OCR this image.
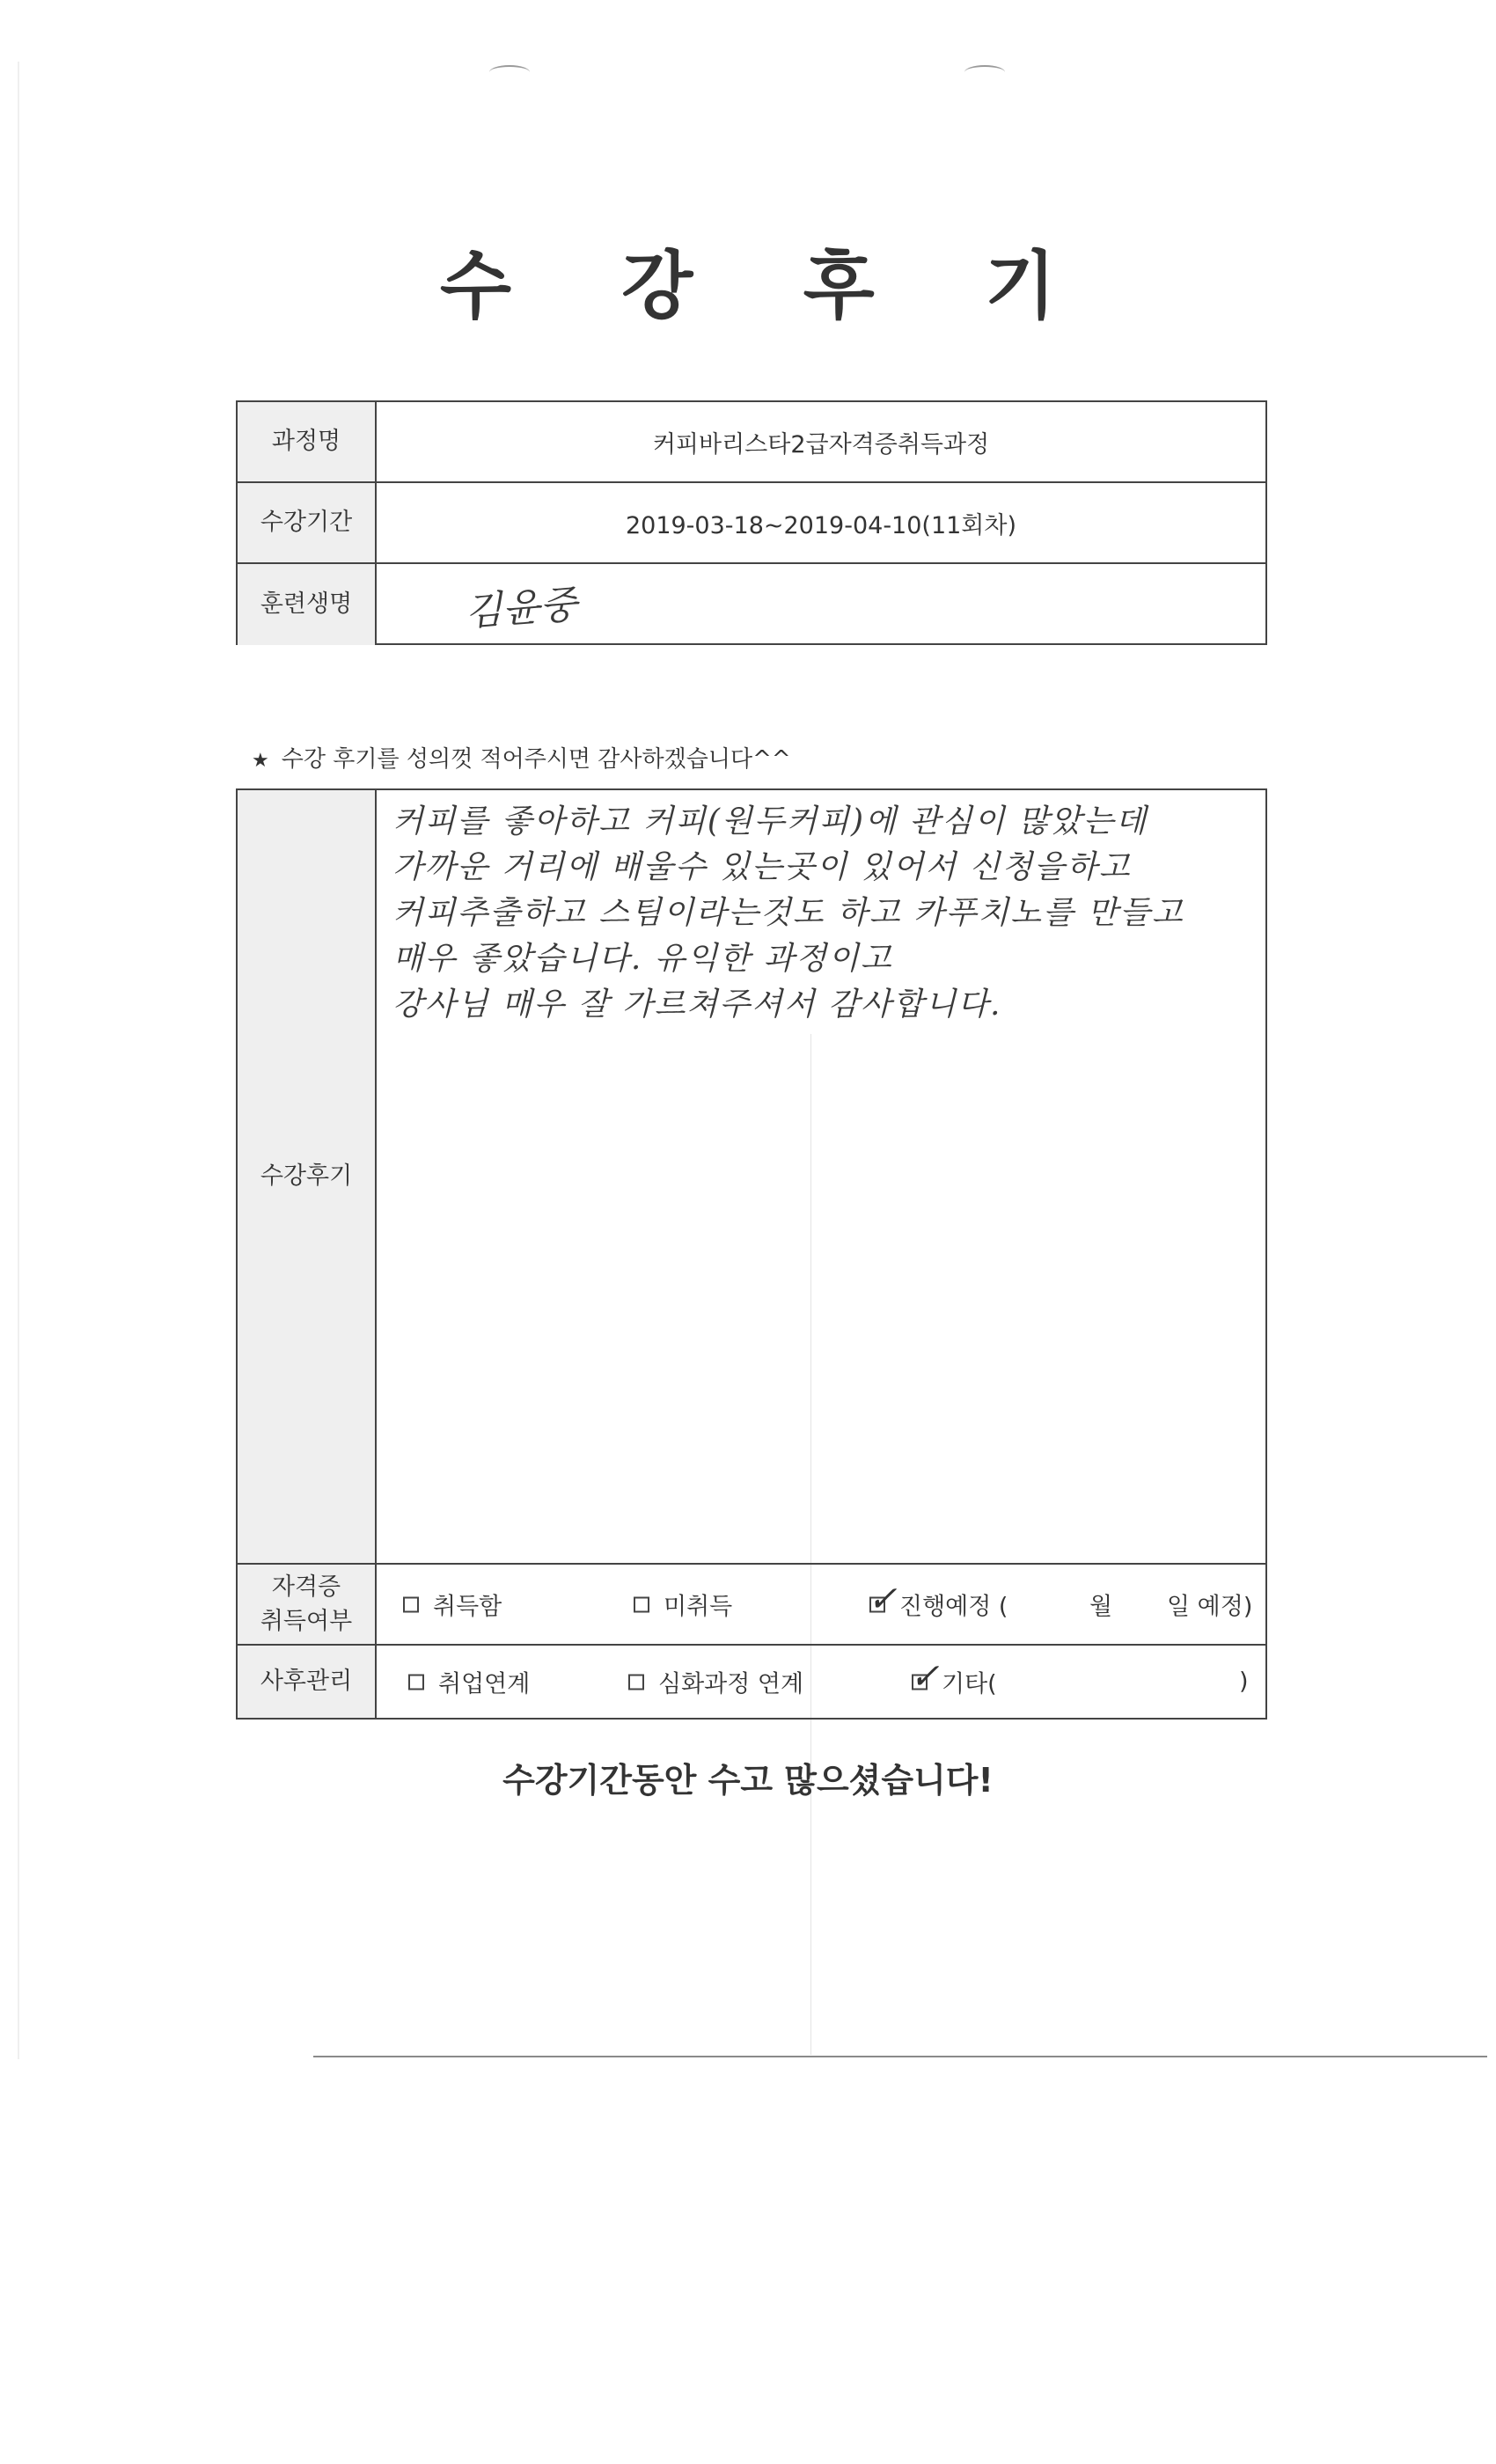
수 강 후 기
과정명	커피바리스타2급자격증취득과정
수강기간	2019-03-18~2019-04-10(11회차)
훈련생명	김윤중
★ 수강 후기를 성의껏 적어주시면 감사하겠습니다^^
수강후기
커피를 좋아하고 커피(원두커피)에 관심이 많았는데
가까운 거리에 배울수 있는곳이 있어서 신청을하고
커피추출하고 스팀이라는것도 하고 카푸치노를 만들고
매우 좋았습니다. 유익한 과정이고
강사님 매우 잘 가르쳐주셔서 감사합니다.
자격증
취득여부
취득함	미취득	✓ 진행예정 (	월 일 예정)
사후관리	취업연계	심화과정 연계	✓ 기타(	)
수강기간동안 수고 많으셨습니다!
